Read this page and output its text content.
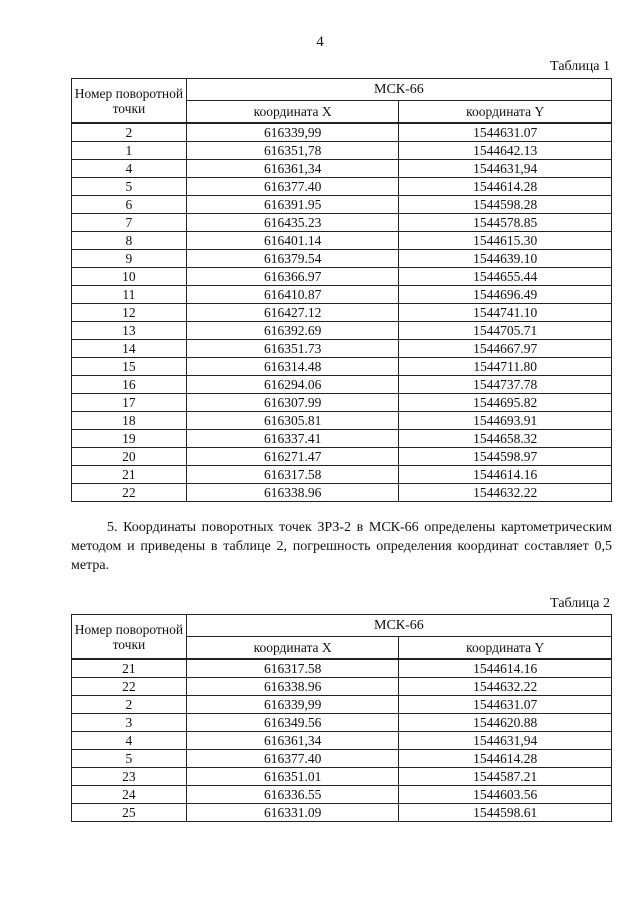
4
Таблица 1
Номер поворотной точки	МСК-66	
	координата X	координата Y
2	616339,99	1544631.07
1	616351,78	1544642.13
4	616361,34	1544631,94
5	616377.40	1544614.28
6	616391.95	1544598.28
7	616435.23	1544578.85
8	616401.14	1544615.30
9	616379.54	1544639.10
10	616366.97	1544655.44
11	616410.87	1544696.49
12	616427.12	1544741.10
13	616392.69	1544705.71
14	616351.73	1544667.97
15	616314.48	1544711.80
16	616294.06	1544737.78
17	616307.99	1544695.82
18	616305.81	1544693.91
19	616337.41	1544658.32
20	616271.47	1544598.97
21	616317.58	1544614.16
22	616338.96	1544632.22
5. Координаты поворотных точек ЗРЗ-2 в МСК-66 определены картометрическим методом и приведены в таблице 2, погрешность определения координат составляет 0,5 метра.
Таблица 2
Номер поворотной точки	МСК-66	
	координата X	координата Y
21	616317.58	1544614.16
22	616338.96	1544632.22
2	616339,99	1544631.07
3	616349.56	1544620.88
4	616361,34	1544631,94
5	616377.40	1544614.28
23	616351.01	1544587.21
24	616336.55	1544603.56
25	616331.09	1544598.61
